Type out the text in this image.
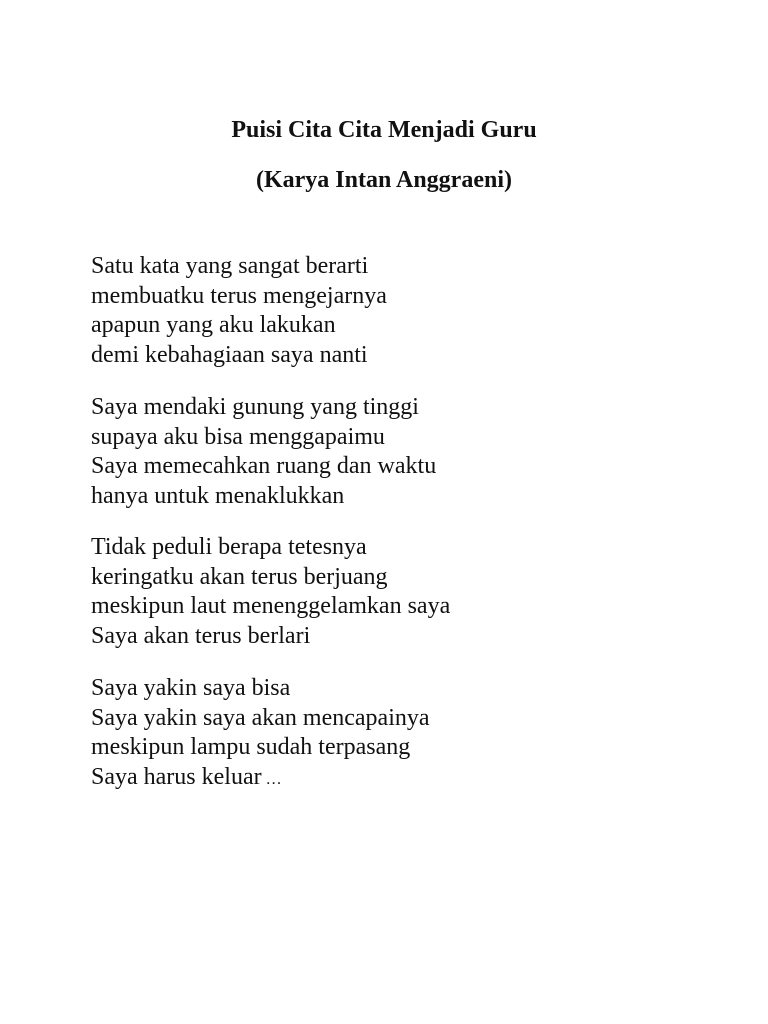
Puisi Cita Cita Menjadi Guru
(Karya Intan Anggraeni)

Satu kata yang sangat berarti

membuatku terus mengejarnya

apapun yang aku lakukan

demi kebahagiaan saya nanti

Saya mendaki gunung yang tinggi

supaya aku bisa menggapaimu

Saya memecahkan ruang dan waktu

hanya untuk menaklukkan

Tidak peduli berapa tetesnya

keringatku akan terus berjuang

meskipun laut menenggelamkan saya

Saya akan terus berlari

Saya yakin saya bisa

Saya yakin saya akan mencapainya

meskipun lampu sudah terpasang

Saya harus keluar …
